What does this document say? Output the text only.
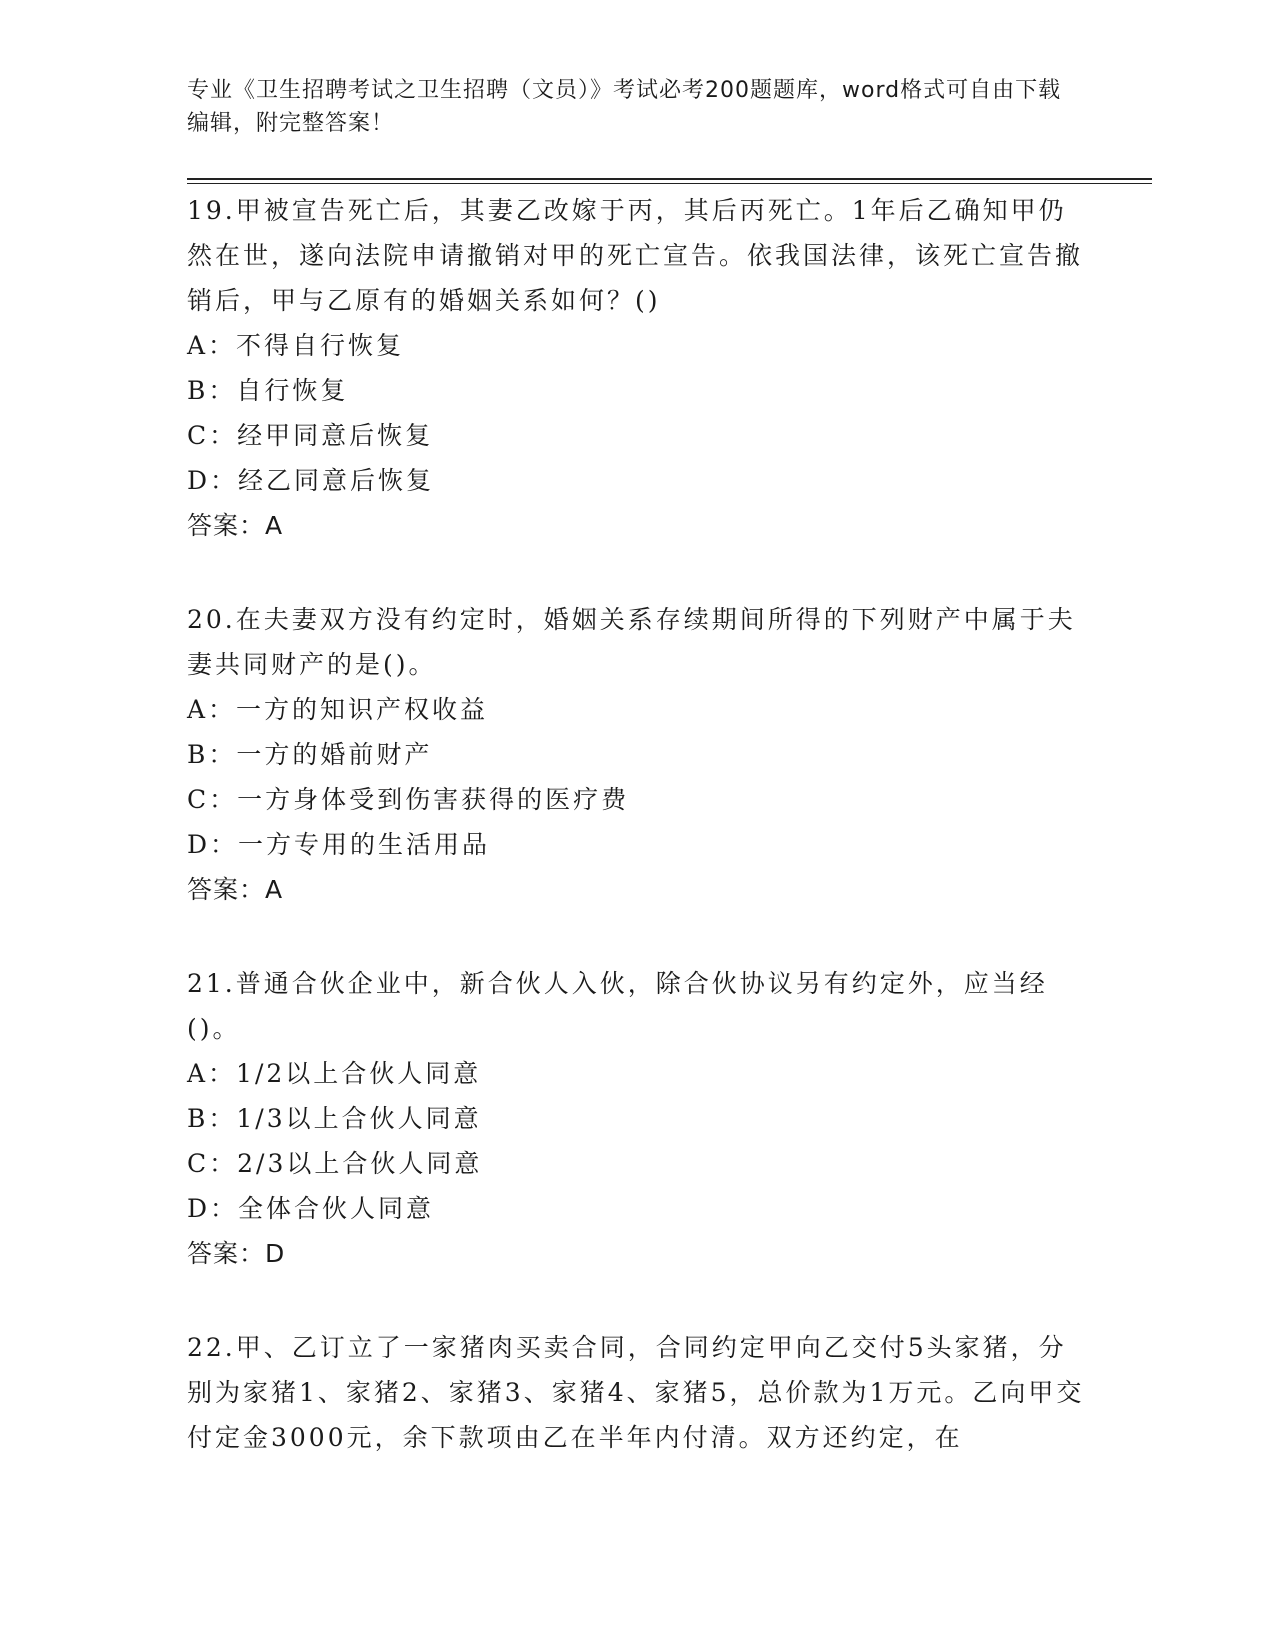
专业《卫生招聘考试之卫生招聘（文员）》考试必考200题题库，word格式可自由下载编辑，附完整答案！

19.甲被宣告死亡后，其妻乙改嫁于丙，其后丙死亡。1年后乙确知甲仍然在世，遂向法院申请撤销对甲的死亡宣告。依我国法律，该死亡宣告撤销后，甲与乙原有的婚姻关系如何？()

A：不得自行恢复

B：自行恢复

C：经甲同意后恢复

D：经乙同意后恢复

答案：A

20.在夫妻双方没有约定时，婚姻关系存续期间所得的下列财产中属于夫妻共同财产的是()。

A：一方的知识产权收益

B：一方的婚前财产

C：一方身体受到伤害获得的医疗费

D：一方专用的生活用品

答案：A

21.普通合伙企业中，新合伙人入伙，除合伙协议另有约定外，应当经()。

A：1/2以上合伙人同意

B：1/3以上合伙人同意

C：2/3以上合伙人同意

D：全体合伙人同意

答案：D

22.甲、乙订立了一家猪肉买卖合同，合同约定甲向乙交付5头家猪，分别为家猪1、家猪2、家猪3、家猪4、家猪5，总价款为1万元。乙向甲交付定金3000元，余下款项由乙在半年内付清。双方还约定，在
